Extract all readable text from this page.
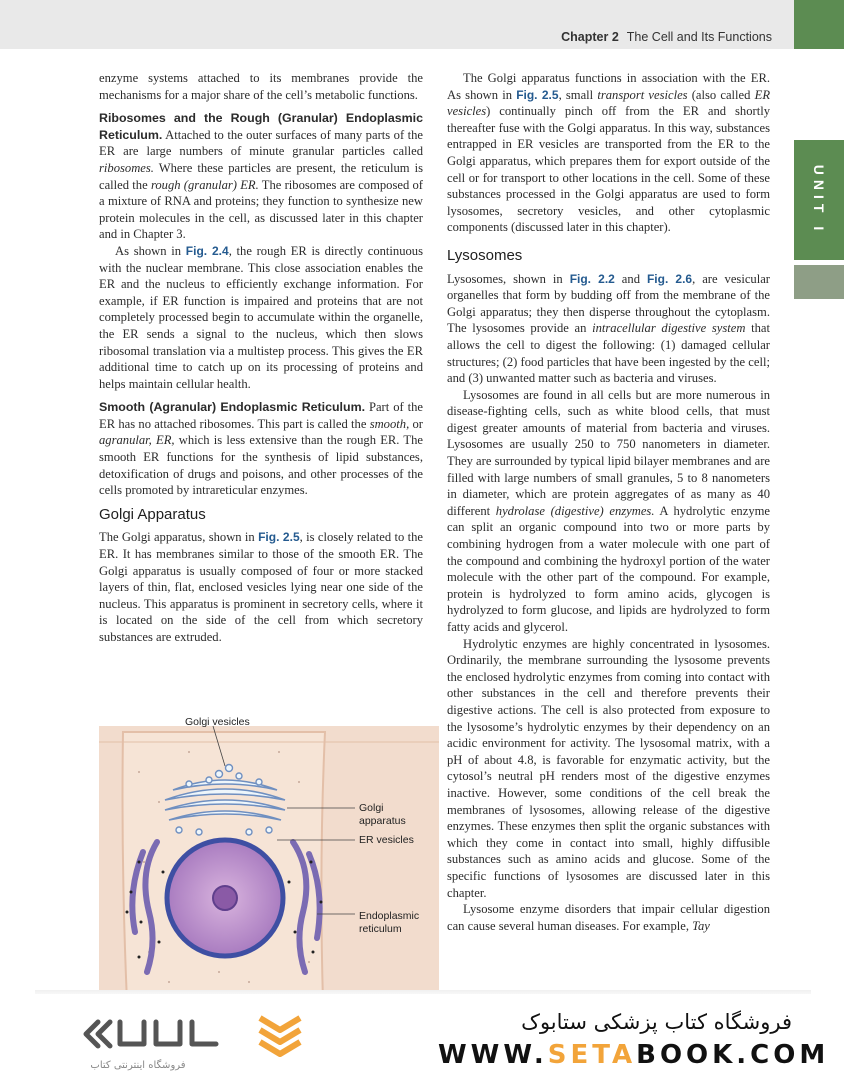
Chapter 2 The Cell and Its Functions
UNIT I

enzyme systems attached to its membranes provide the mechanisms for a major share of the cell’s metabolic functions.

Ribosomes and the Rough (Granular) Endoplasmic Reticulum. Attached to the outer surfaces of many parts of the ER are large numbers of minute granular particles called ribosomes. Where these particles are present, the reticulum is called the rough (granular) ER. The ribosomes are composed of a mixture of RNA and proteins; they function to synthesize new protein molecules in the cell, as discussed later in this chapter and in Chapter 3.

As shown in Fig. 2.4, the rough ER is directly continuous with the nuclear membrane. This close association enables the ER and the nucleus to efficiently exchange information. For example, if ER function is impaired and proteins that are not completely processed begin to accumulate within the organelle, the ER sends a signal to the nucleus, which then slows ribosomal translation via a multistep process. This gives the ER additional time to catch up on its processing of proteins and helps maintain cellular health.

Smooth (Agranular) Endoplasmic Reticulum. Part of the ER has no attached ribosomes. This part is called the smooth, or agranular, ER, which is less extensive than the rough ER. The smooth ER functions for the synthesis of lipid substances, detoxification of drugs and poisons, and other processes of the cells promoted by intrareticular enzymes.

Golgi Apparatus

The Golgi apparatus, shown in Fig. 2.5, is closely related to the ER. It has membranes similar to those of the smooth ER. The Golgi apparatus is usually composed of four or more stacked layers of thin, flat, enclosed vesicles lying near one side of the nucleus. This apparatus is prominent in secretory cells, where it is located on the side of the cell from which secretory substances are extruded.

Golgi vesicles
Golgi
apparatus
ER vesicles
Endoplasmic
reticulum

The Golgi apparatus functions in association with the ER. As shown in Fig. 2.5, small transport vesicles (also called ER vesicles) continually pinch off from the ER and shortly thereafter fuse with the Golgi apparatus. In this way, substances entrapped in ER vesicles are transported from the ER to the Golgi apparatus, which prepares them for export outside of the cell or for transport to other locations in the cell. Some of these substances processed in the Golgi apparatus are used to form lysosomes, secretory vesicles, and other cytoplasmic components (discussed later in this chapter).

Lysosomes

Lysosomes, shown in Fig. 2.2 and Fig. 2.6, are vesicular organelles that form by budding off from the membrane of the Golgi apparatus; they then disperse throughout the cytoplasm. The lysosomes provide an intracellular digestive system that allows the cell to digest the following: (1) damaged cellular structures; (2) food particles that have been ingested by the cell; and (3) unwanted matter such as bacteria and viruses.

Lysosomes are found in all cells but are more numerous in disease-fighting cells, such as white blood cells, that must digest greater amounts of material from bacteria and viruses. Lysosomes are usually 250 to 750 nanometers in diameter. They are surrounded by typical lipid bilayer membranes and are filled with large numbers of small granules, 5 to 8 nanometers in diameter, which are protein aggregates of as many as 40 different hydrolase (digestive) enzymes. A hydrolytic enzyme can split an organic compound into two or more parts by combining hydrogen from a water molecule with one part of the compound and combining the hydroxyl portion of the water molecule with the other part of the compound. For example, protein is hydrolyzed to form amino acids, glycogen is hydrolyzed to form glucose, and lipids are hydrolyzed to form fatty acids and glycerol.

Hydrolytic enzymes are highly concentrated in lysosomes. Ordinarily, the membrane surrounding the lysosome prevents the enclosed hydrolytic enzymes from coming into contact with other substances in the cell and therefore prevents their digestive actions. The cell is also protected from exposure to the lysosome’s hydrolytic enzymes by their dependency on an acidic environment for activity. The lysosomal matrix, with a pH of about 4.8, is favorable for enzymatic activity, but the cytosol’s neutral pH renders most of the digestive enzymes inactive. However, some conditions of the cell break the membranes of lysosomes, allowing release of the digestive enzymes. These enzymes then split the organic substances with which they come in contact into small, highly diffusible substances such as amino acids and glucose. Some of the specific functions of lysosomes are discussed later in this chapter.

Lysosome enzyme disorders that impair cellular digestion can cause several human diseases. For example, Tay

فروشگاه اینترنتی کتاب
فروشگاه کتاب پزشکی ستابوک
WWW.SETABOOK.COM
